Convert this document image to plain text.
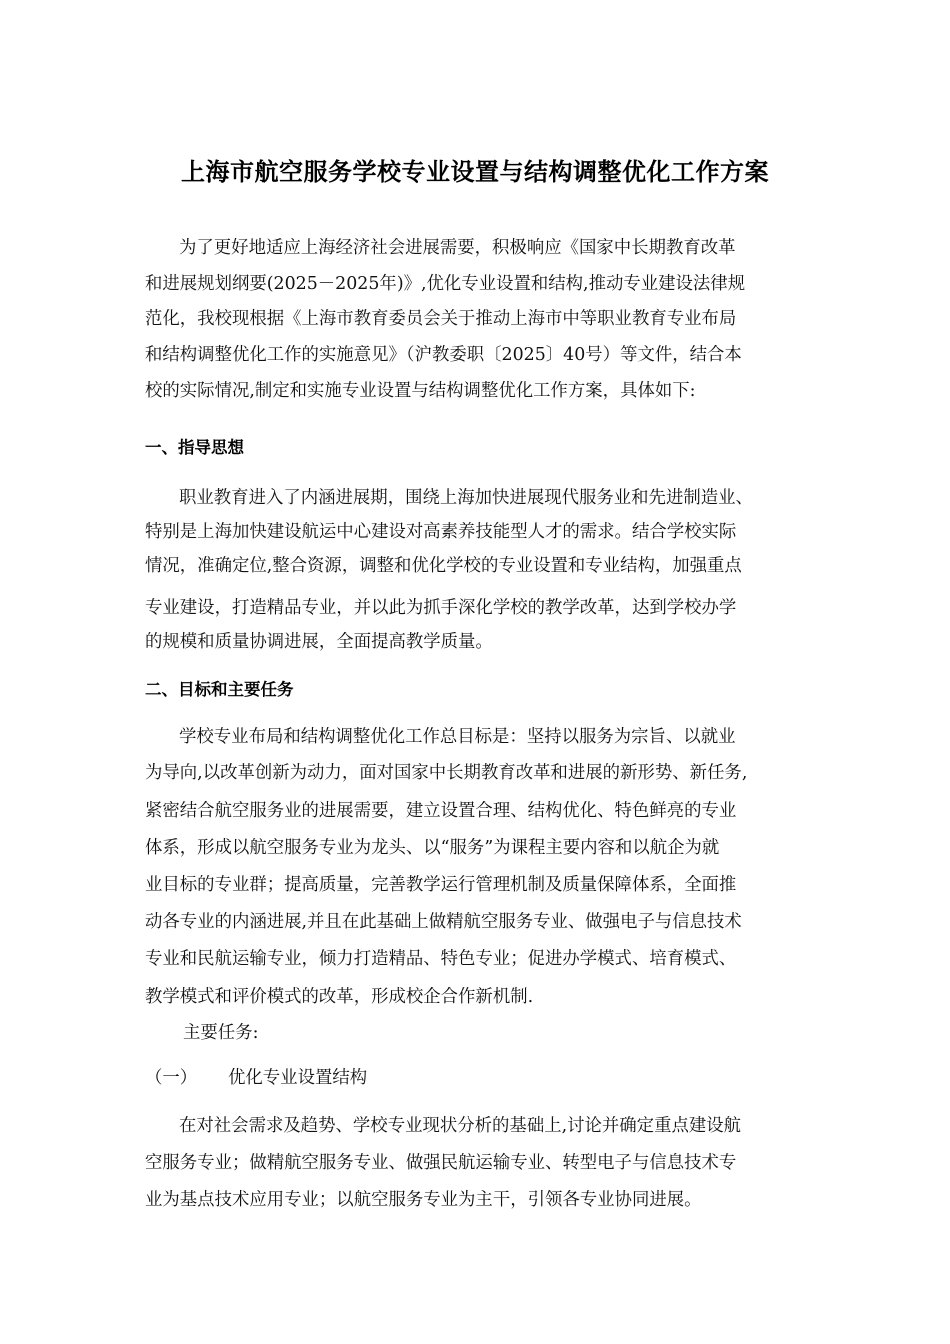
上海市航空服务学校专业设置与结构调整优化工作方案
为了更好地适应上海经济社会进展需要，积极响应《国家中长期教育改革
和进展规划纲要(2025－2025年)》,优化专业设置和结构,推动专业建设法律规
范化，我校现根据《上海市教育委员会关于推动上海市中等职业教育专业布局
和结构调整优化工作的实施意见》（沪教委职〔2025〕40号）等文件，结合本
校的实际情况,制定和实施专业设置与结构调整优化工作方案，具体如下:
一、指导思想
职业教育进入了内涵进展期，围绕上海加快进展现代服务业和先进制造业、
特别是上海加快建设航运中心建设对高素养技能型人才的需求。结合学校实际
情况，准确定位,整合资源，调整和优化学校的专业设置和专业结构，加强重点
专业建设，打造精品专业，并以此为抓手深化学校的教学改革，达到学校办学
的规模和质量协调进展，全面提高教学质量。
二、目标和主要任务
学校专业布局和结构调整优化工作总目标是：坚持以服务为宗旨、以就业
为导向,以改革创新为动力，面对国家中长期教育改革和进展的新形势、新任务,
紧密结合航空服务业的进展需要，建立设置合理、结构优化、特色鲜亮的专业
体系，形成以航空服务专业为龙头、以“服务”为课程主要内容和以航企为就
业目标的专业群；提高质量，完善教学运行管理机制及质量保障体系，全面推
动各专业的内涵进展,并且在此基础上做精航空服务专业、做强电子与信息技术
专业和民航运输专业，倾力打造精品、特色专业；促进办学模式、培育模式、
教学模式和评价模式的改革，形成校企合作新机制.
主要任务:
（一） 优化专业设置结构
在对社会需求及趋势、学校专业现状分析的基础上,讨论并确定重点建设航
空服务专业；做精航空服务专业、做强民航运输专业、转型电子与信息技术专
业为基点技术应用专业；以航空服务专业为主干，引领各专业协同进展。
